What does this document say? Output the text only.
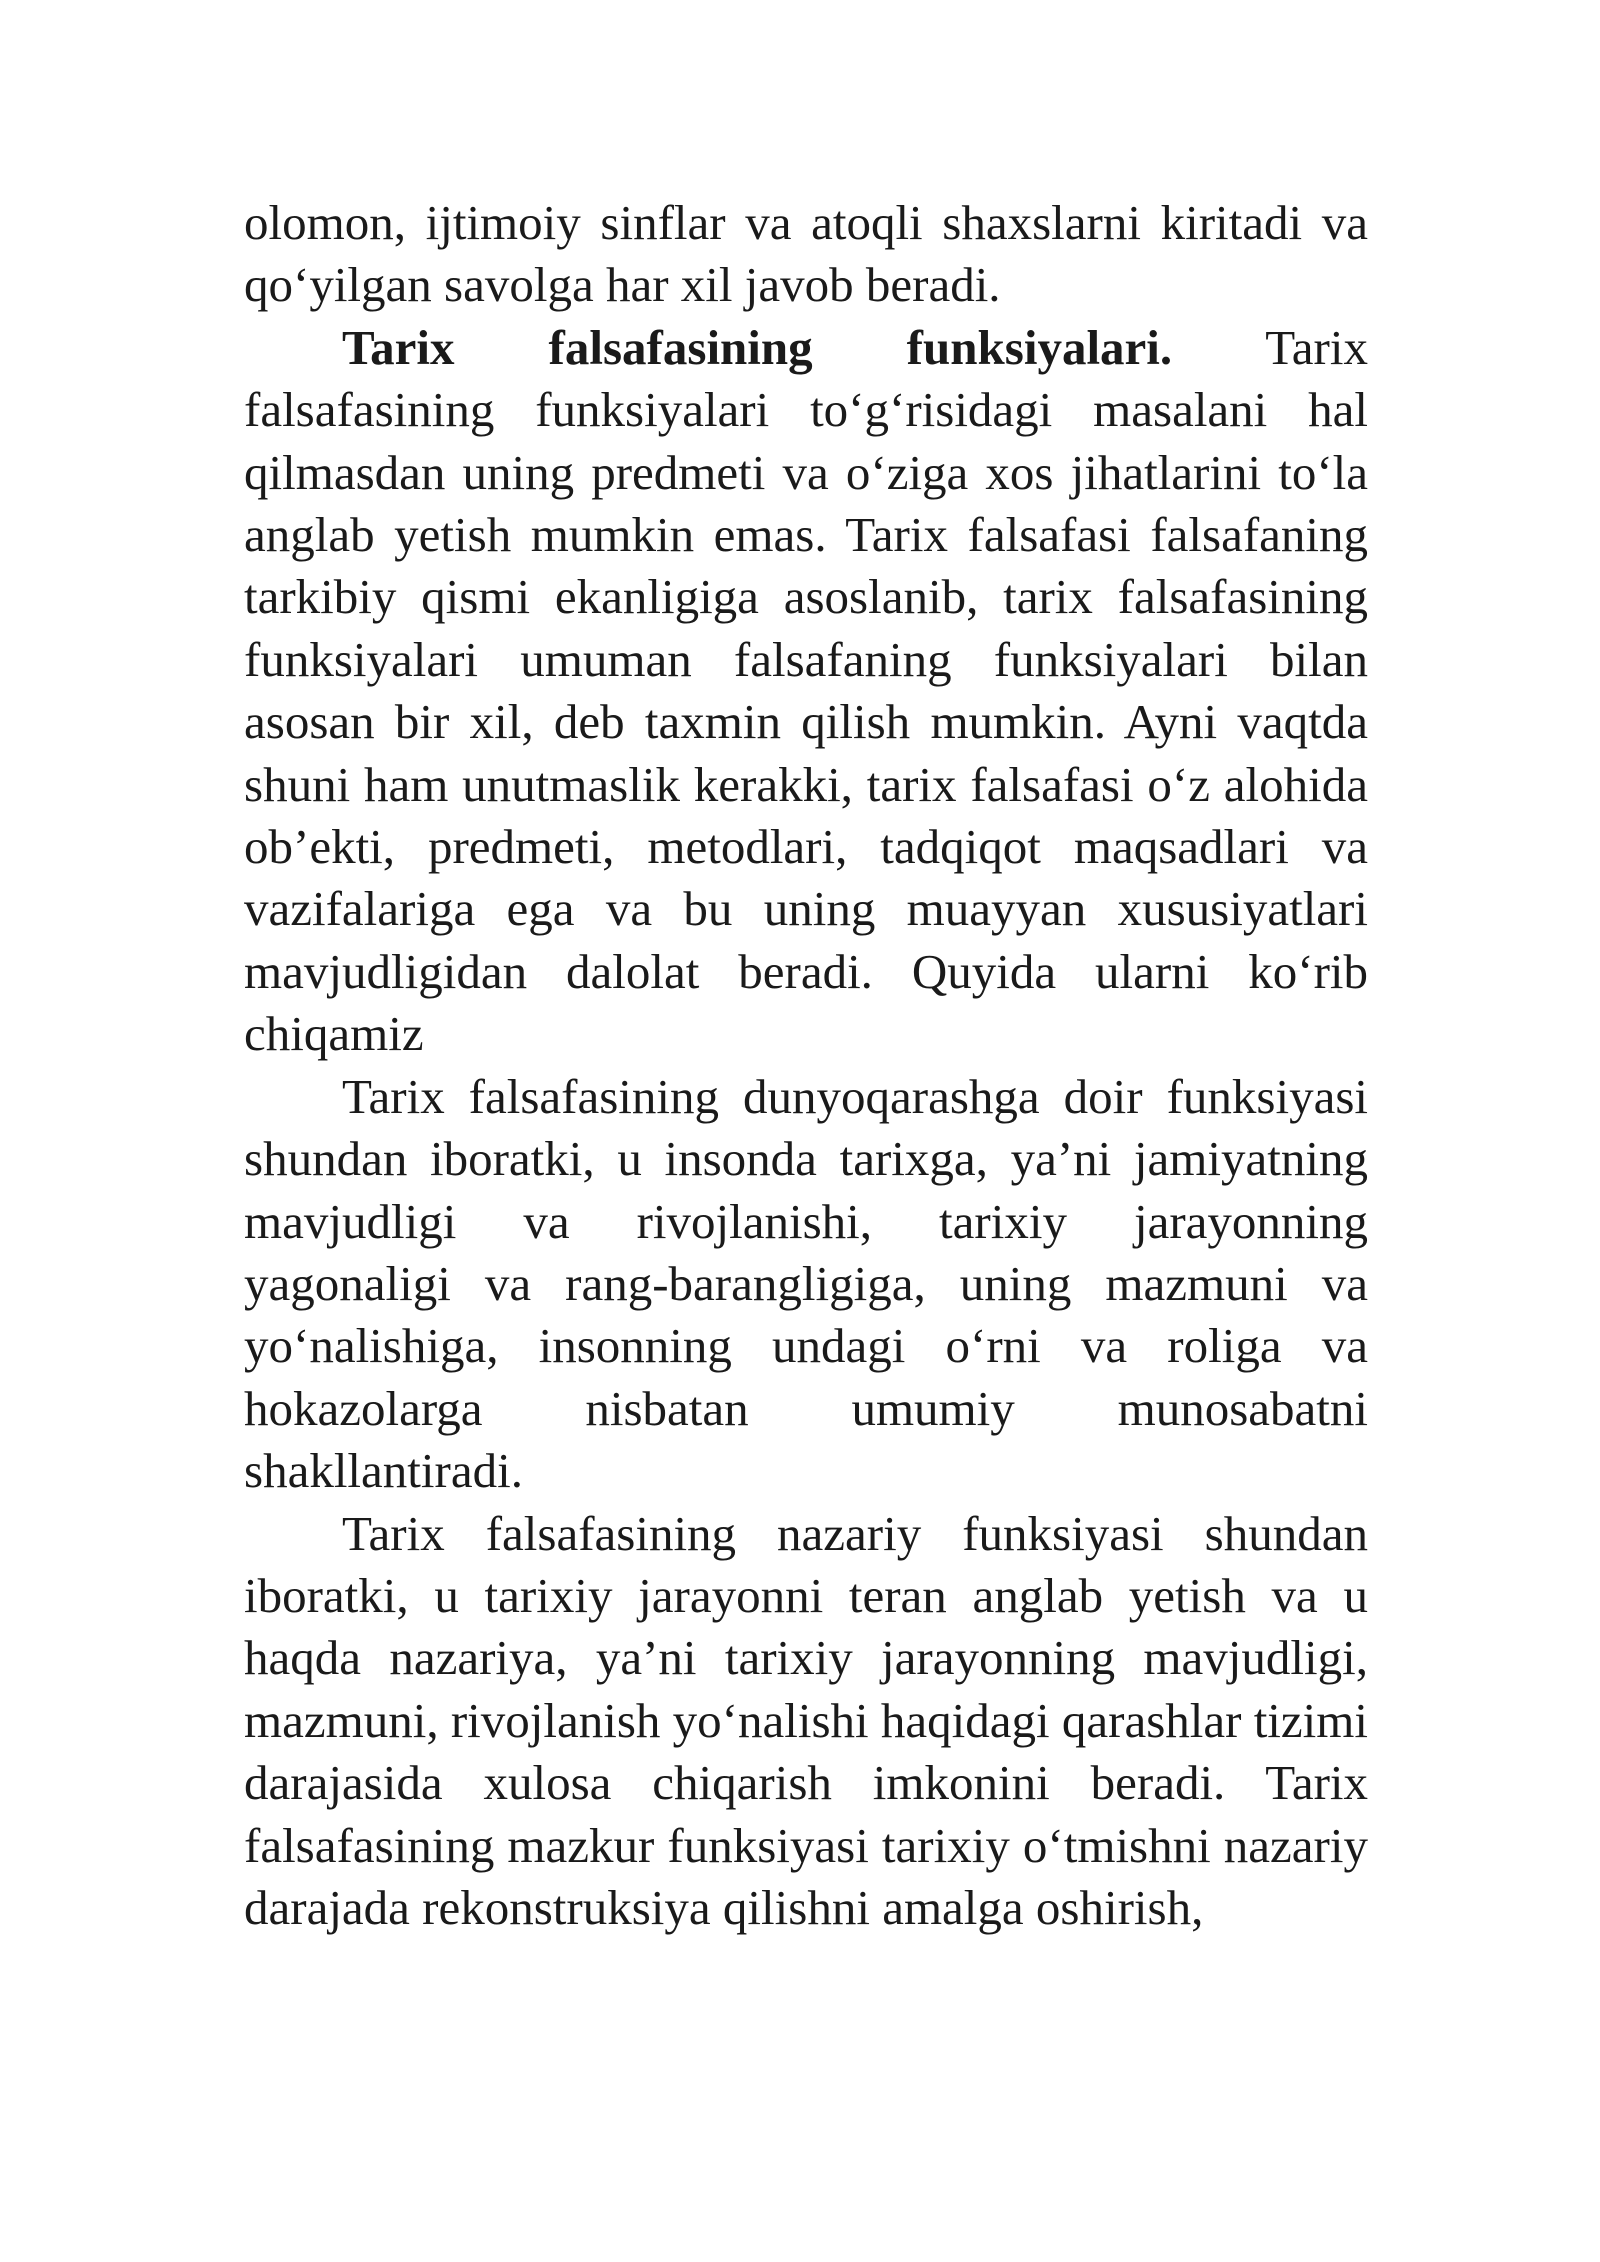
olomon, ijtimoiy sinflar va atoqli shaxslarni kiritadi va qo‘yilgan savolga har xil javob beradi.

Tarix falsafasining funksiyalari. Tarix falsafasining funksiyalari to‘g‘risidagi masalani hal qilmasdan uning predmeti va o‘ziga xos jihatlarini to‘la anglab yetish mumkin emas. Tarix falsafasi falsafaning tarkibiy qismi ekanligiga asoslanib, tarix falsafasining funksiyalari umuman falsafaning funksiyalari bilan asosan bir xil, deb taxmin qilish mumkin. Ayni vaqtda shuni ham unutmaslik kerakki, tarix falsafasi o‘z alohida ob’ekti, predmeti, metodlari, tadqiqot maqsadlari va vazifalariga ega va bu uning muayyan xususiyatlari mavjudligidan dalolat beradi. Quyida ularni ko‘rib chiqamiz

Tarix falsafasining dunyoqarashga doir funksiyasi shundan iboratki, u insonda tarixga, ya’ni jamiyatning mavjudligi va rivojlanishi, tarixiy jarayonning yagonaligi va rang-barangligiga, uning mazmuni va yo‘nalishiga, insonning undagi o‘rni va roliga va hokazolarga nisbatan umumiy munosabatni shakllantiradi.

Tarix falsafasining nazariy funksiyasi shundan iboratki, u tarixiy jarayonni teran anglab yetish va u haqda nazariya, ya’ni tarixiy jarayonning mavjudligi, mazmuni, rivojlanish yo‘nalishi haqidagi qarashlar tizimi darajasida xulosa chiqarish imkonini beradi. Tarix falsafasining mazkur funksiyasi tarixiy o‘tmishni nazariy darajada rekonstruksiya qilishni amalga oshirish,
